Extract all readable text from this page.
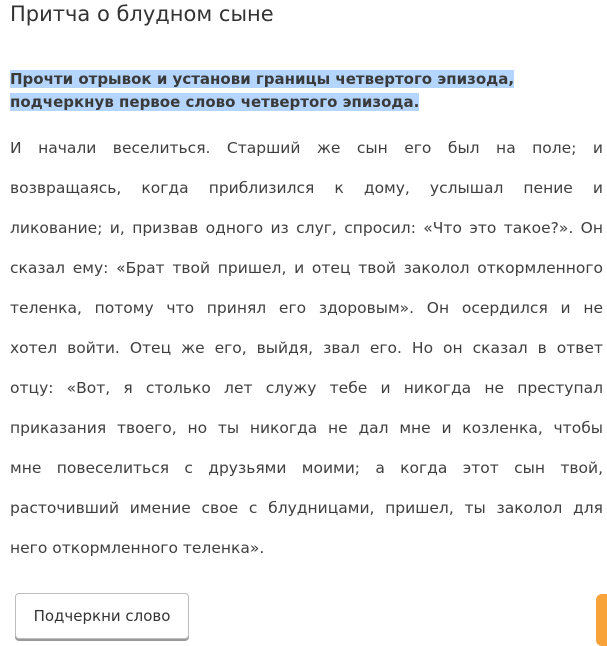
Притча о блудном сыне
Прочти отрывок и установи границы четвертого эпизода,
подчеркнув первое слово четвертого эпизода.
И начали веселиться. Старший же сын его был на поле; и
возвращаясь, когда приблизился к дому, услышал пение и
ликование; и, призвав одного из слуг, спросил: «Что это такое?». Он
сказал ему: «Брат твой пришел, и отец твой заколол откормленного
теленка, потому что принял его здоровым». Он осердился и не
хотел войти. Отец же его, выйдя, звал его. Но он сказал в ответ
отцу: «Вот, я столько лет служу тебе и никогда не преступал
приказания твоего, но ты никогда не дал мне и козленка, чтобы
мне повеселиться с друзьями моими; а когда этот сын твой,
расточивший имение свое с блудницами, пришел, ты заколол для
него откормленного теленка».
Подчеркни слово
